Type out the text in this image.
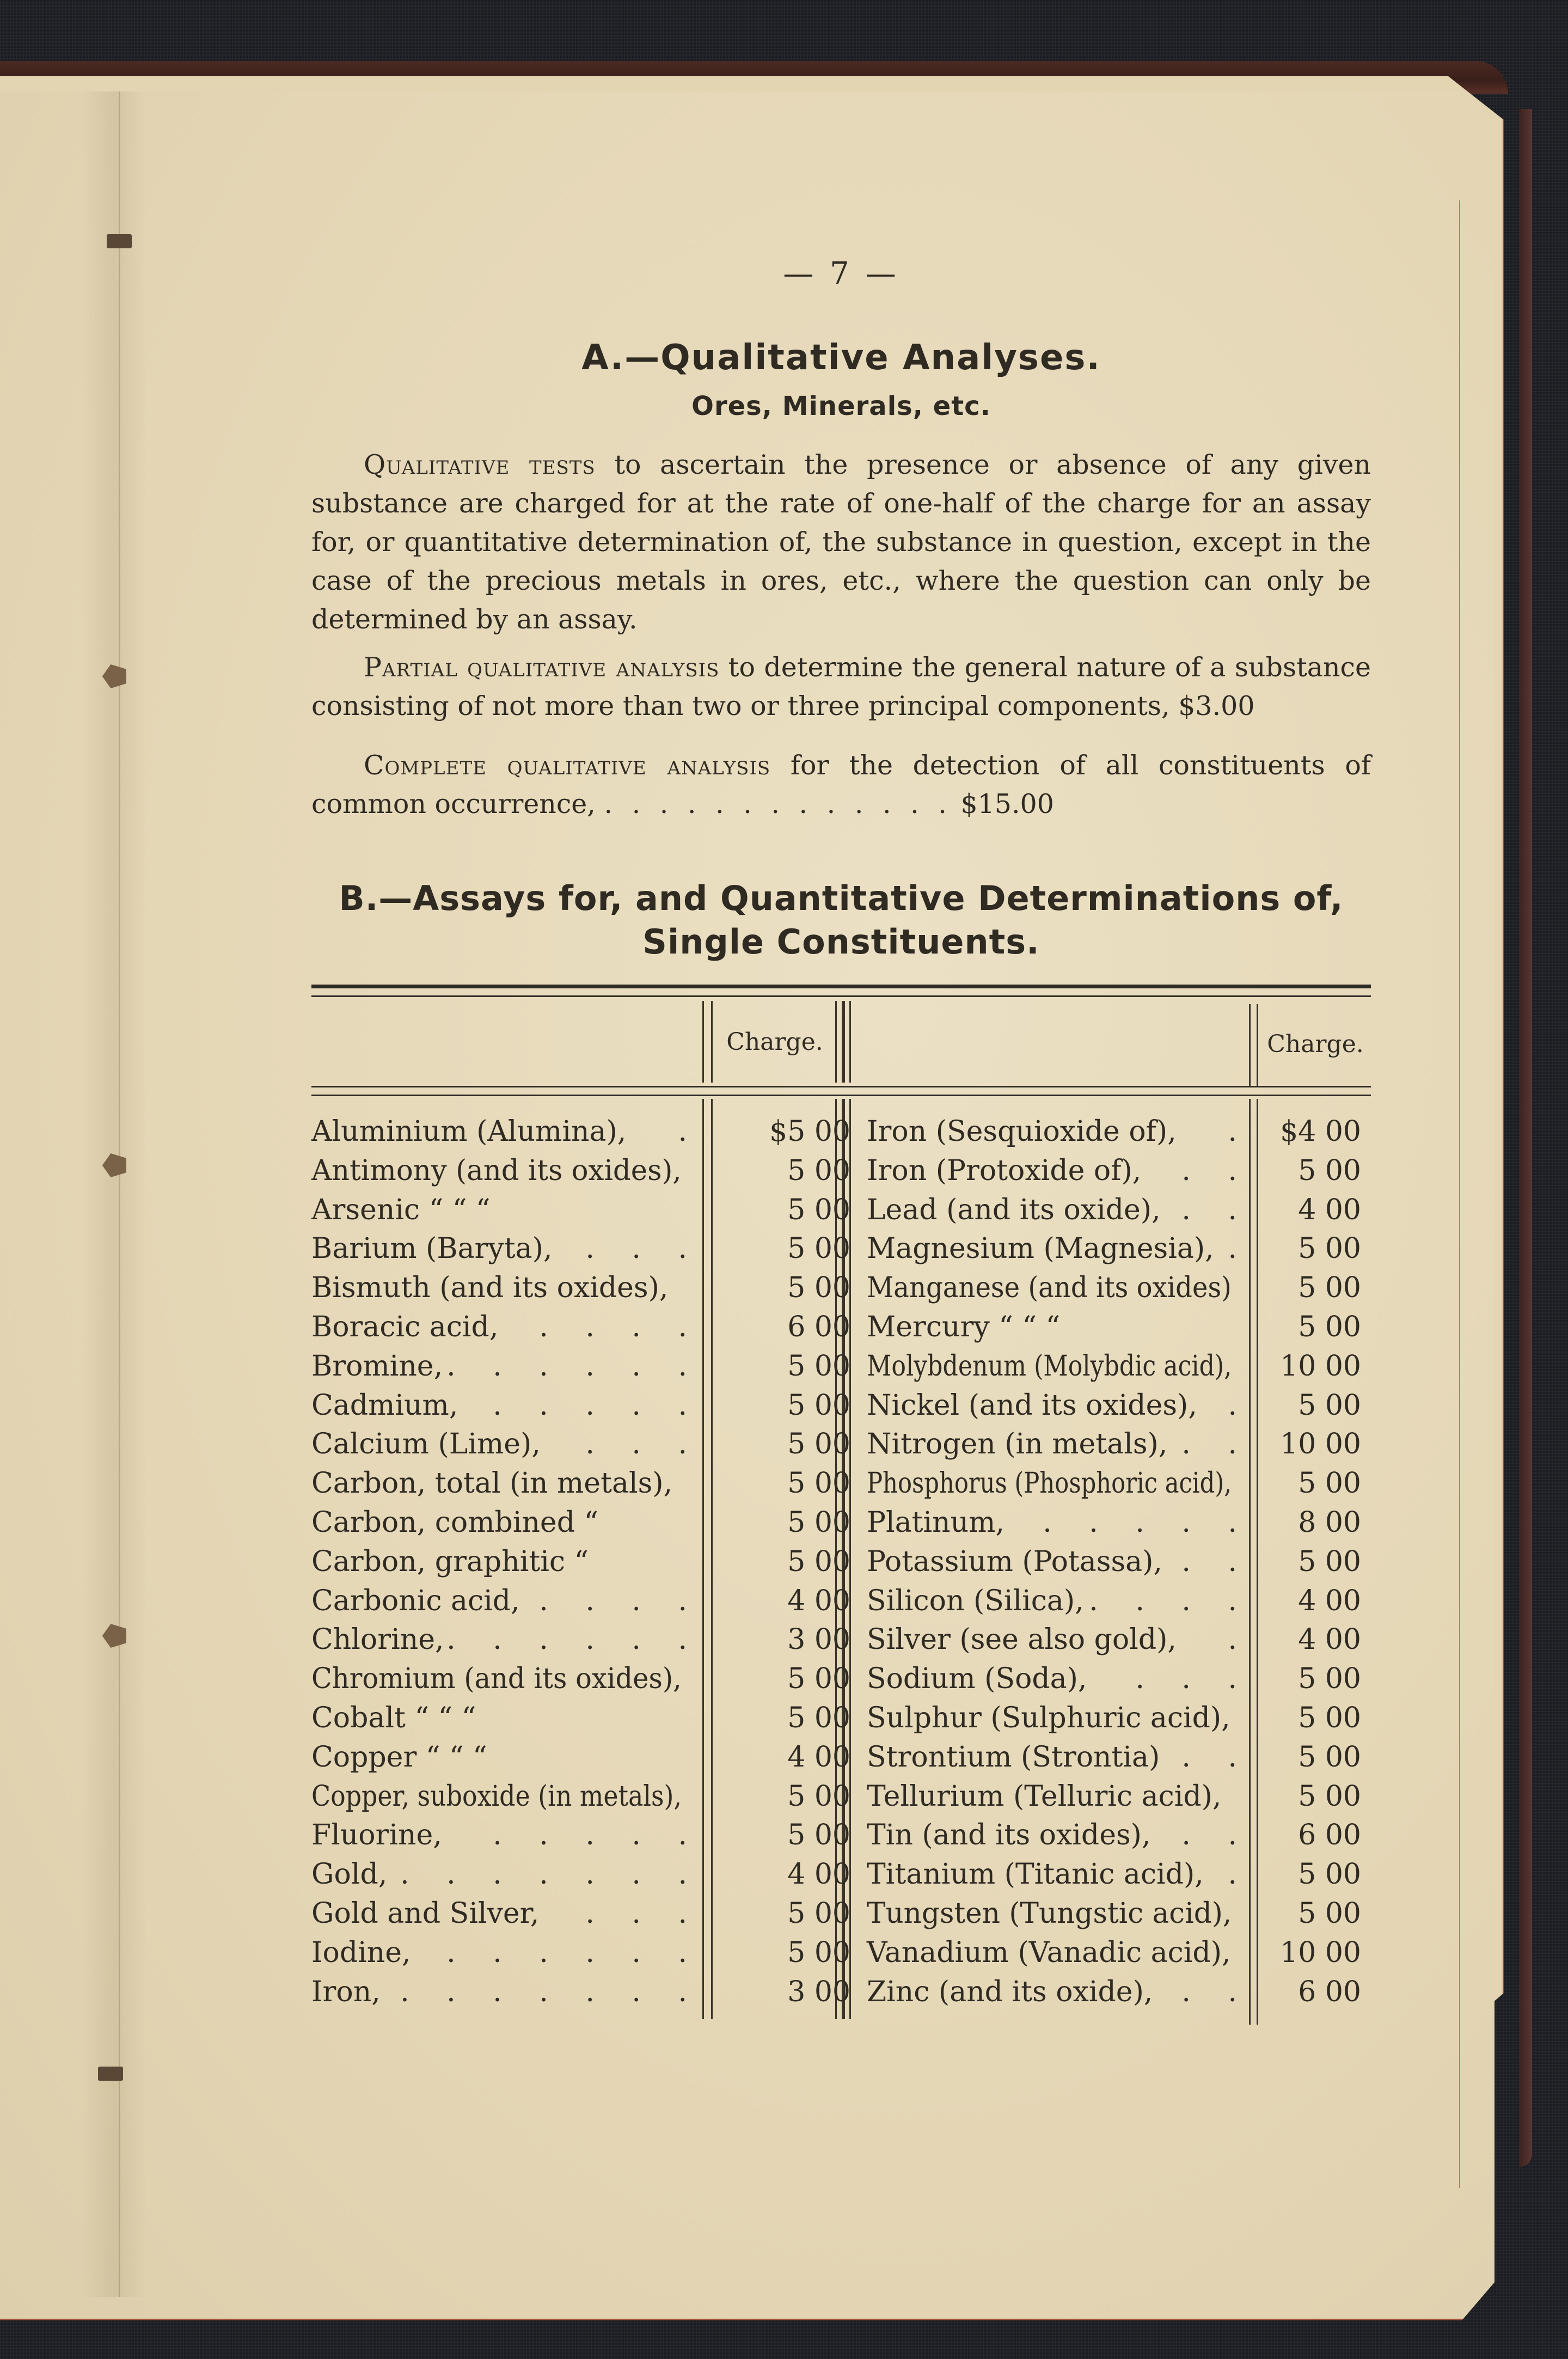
— 7 —
A.—Qualitative Analyses.
Ores, Minerals, etc.
Qualitative tests to ascertain the presence or absence of any given substance are charged for at the rate of one-half of the charge for an assay for, or quantitative determination of, the substance in question, except in the case of the precious metals in ores, etc., where the question can only be determined by an assay.
Partial qualitative analysis to determine the general nature of a substance consisting of not more than two or three principal components, $3.00
Complete qualitative analysis for the detection of all constituents of common occurrence, . . . . . . . . . . . . . $15.00
B.—Assays for, and Quantitative Determinations of,
Single Constituents.
Charge.	Charge.
Aluminium (Alumina),	.	$5 00 Iron (Sesquioxide of),	.	$4 00
Antimony (and its oxides),	5 00 Iron (Protoxide of),	. .	5 00
Arsenic “ “ “	5 00 Lead (and its oxide), . .	4 00
Barium (Baryta),	. . .	5 00 Magnesium (Magnesia), .	5 00
Bismuth (and its oxides),	5 00 Manganese (and its oxides)	5 00
Boracic acid,	. . . .	6 00 Mercury “ “ “	5 00
Bromine, . . . . . .	5 00 Molybdenum (Molybdic acid),	10 00
Cadmium,	. . . . .	5 00 Nickel (and its oxides),	.	5 00
Calcium (Lime),	. . .	5 00 Nitrogen (in metals), . .	10 00
Carbon, total (in metals),	5 00 Phosphorus (Phosphoric acid),	5 00
Carbon, combined “	5 00 Platinum,	. . . . .	8 00
Carbon, graphitic “	5 00 Potassium (Potassa), . .	5 00
Carbonic acid, . . . .	4 00 Silicon (Silica), . . . .	4 00
Chlorine, . . . . . .	3 00 Silver (see also gold),	.	4 00
Chromium (and its oxides),	5 00 Sodium (Soda),	. . .	5 00
Cobalt “ “ “	5 00 Sulphur (Sulphuric acid),	5 00
Copper “ “ “	4 00 Strontium (Strontia) . .	5 00
Copper, suboxide (in metals),	5 00 Tellurium (Telluric acid),	5 00
Fluorine,	. . . . .	5 00 Tin (and its oxides),	. .	6 00
Gold, . . . . . . .	4 00 Titanium (Titanic acid), .	5 00
Gold and Silver,	. . .	5 00 Tungsten (Tungstic acid),	5 00
Iodine,	. . . . . .	5 00 Vanadium (Vanadic acid),	10 00
Iron, . . . . . . .	3 00 Zinc (and its oxide),	. .	6 00
